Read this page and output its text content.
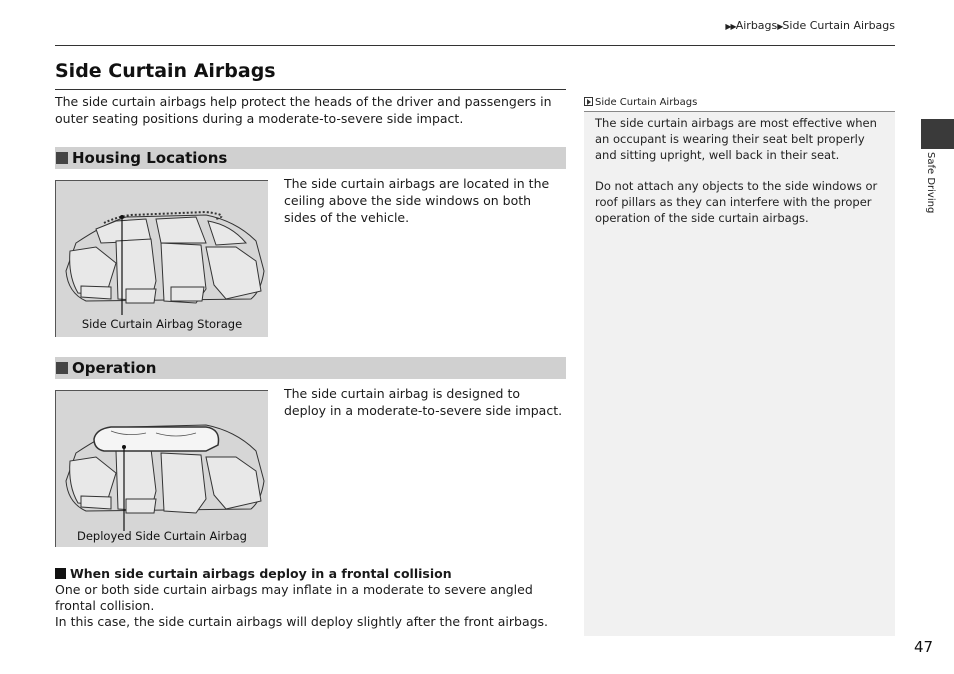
▶▶Airbags▶Side Curtain Airbags
Side Curtain Airbags
The side curtain airbags help protect the heads of the driver and passengers in outer seating positions during a moderate-to-severe side impact.
Housing Locations
Side Curtain Airbag Storage
The side curtain airbags are located in the ceiling above the side windows on both sides of the vehicle.
Operation
Deployed Side Curtain Airbag
The side curtain airbag is designed to deploy in a moderate-to-severe side impact.
When side curtain airbags deploy in a frontal collision
One or both side curtain airbags may inflate in a moderate to severe angled frontal collision.
In this case, the side curtain airbags will deploy slightly after the front airbags.
Side Curtain Airbags
The side curtain airbags are most effective when an occupant is wearing their seat belt properly and sitting upright, well back in their seat.
Do not attach any objects to the side windows or roof pillars as they can interfere with the proper operation of the side curtain airbags.
Safe Driving
47
